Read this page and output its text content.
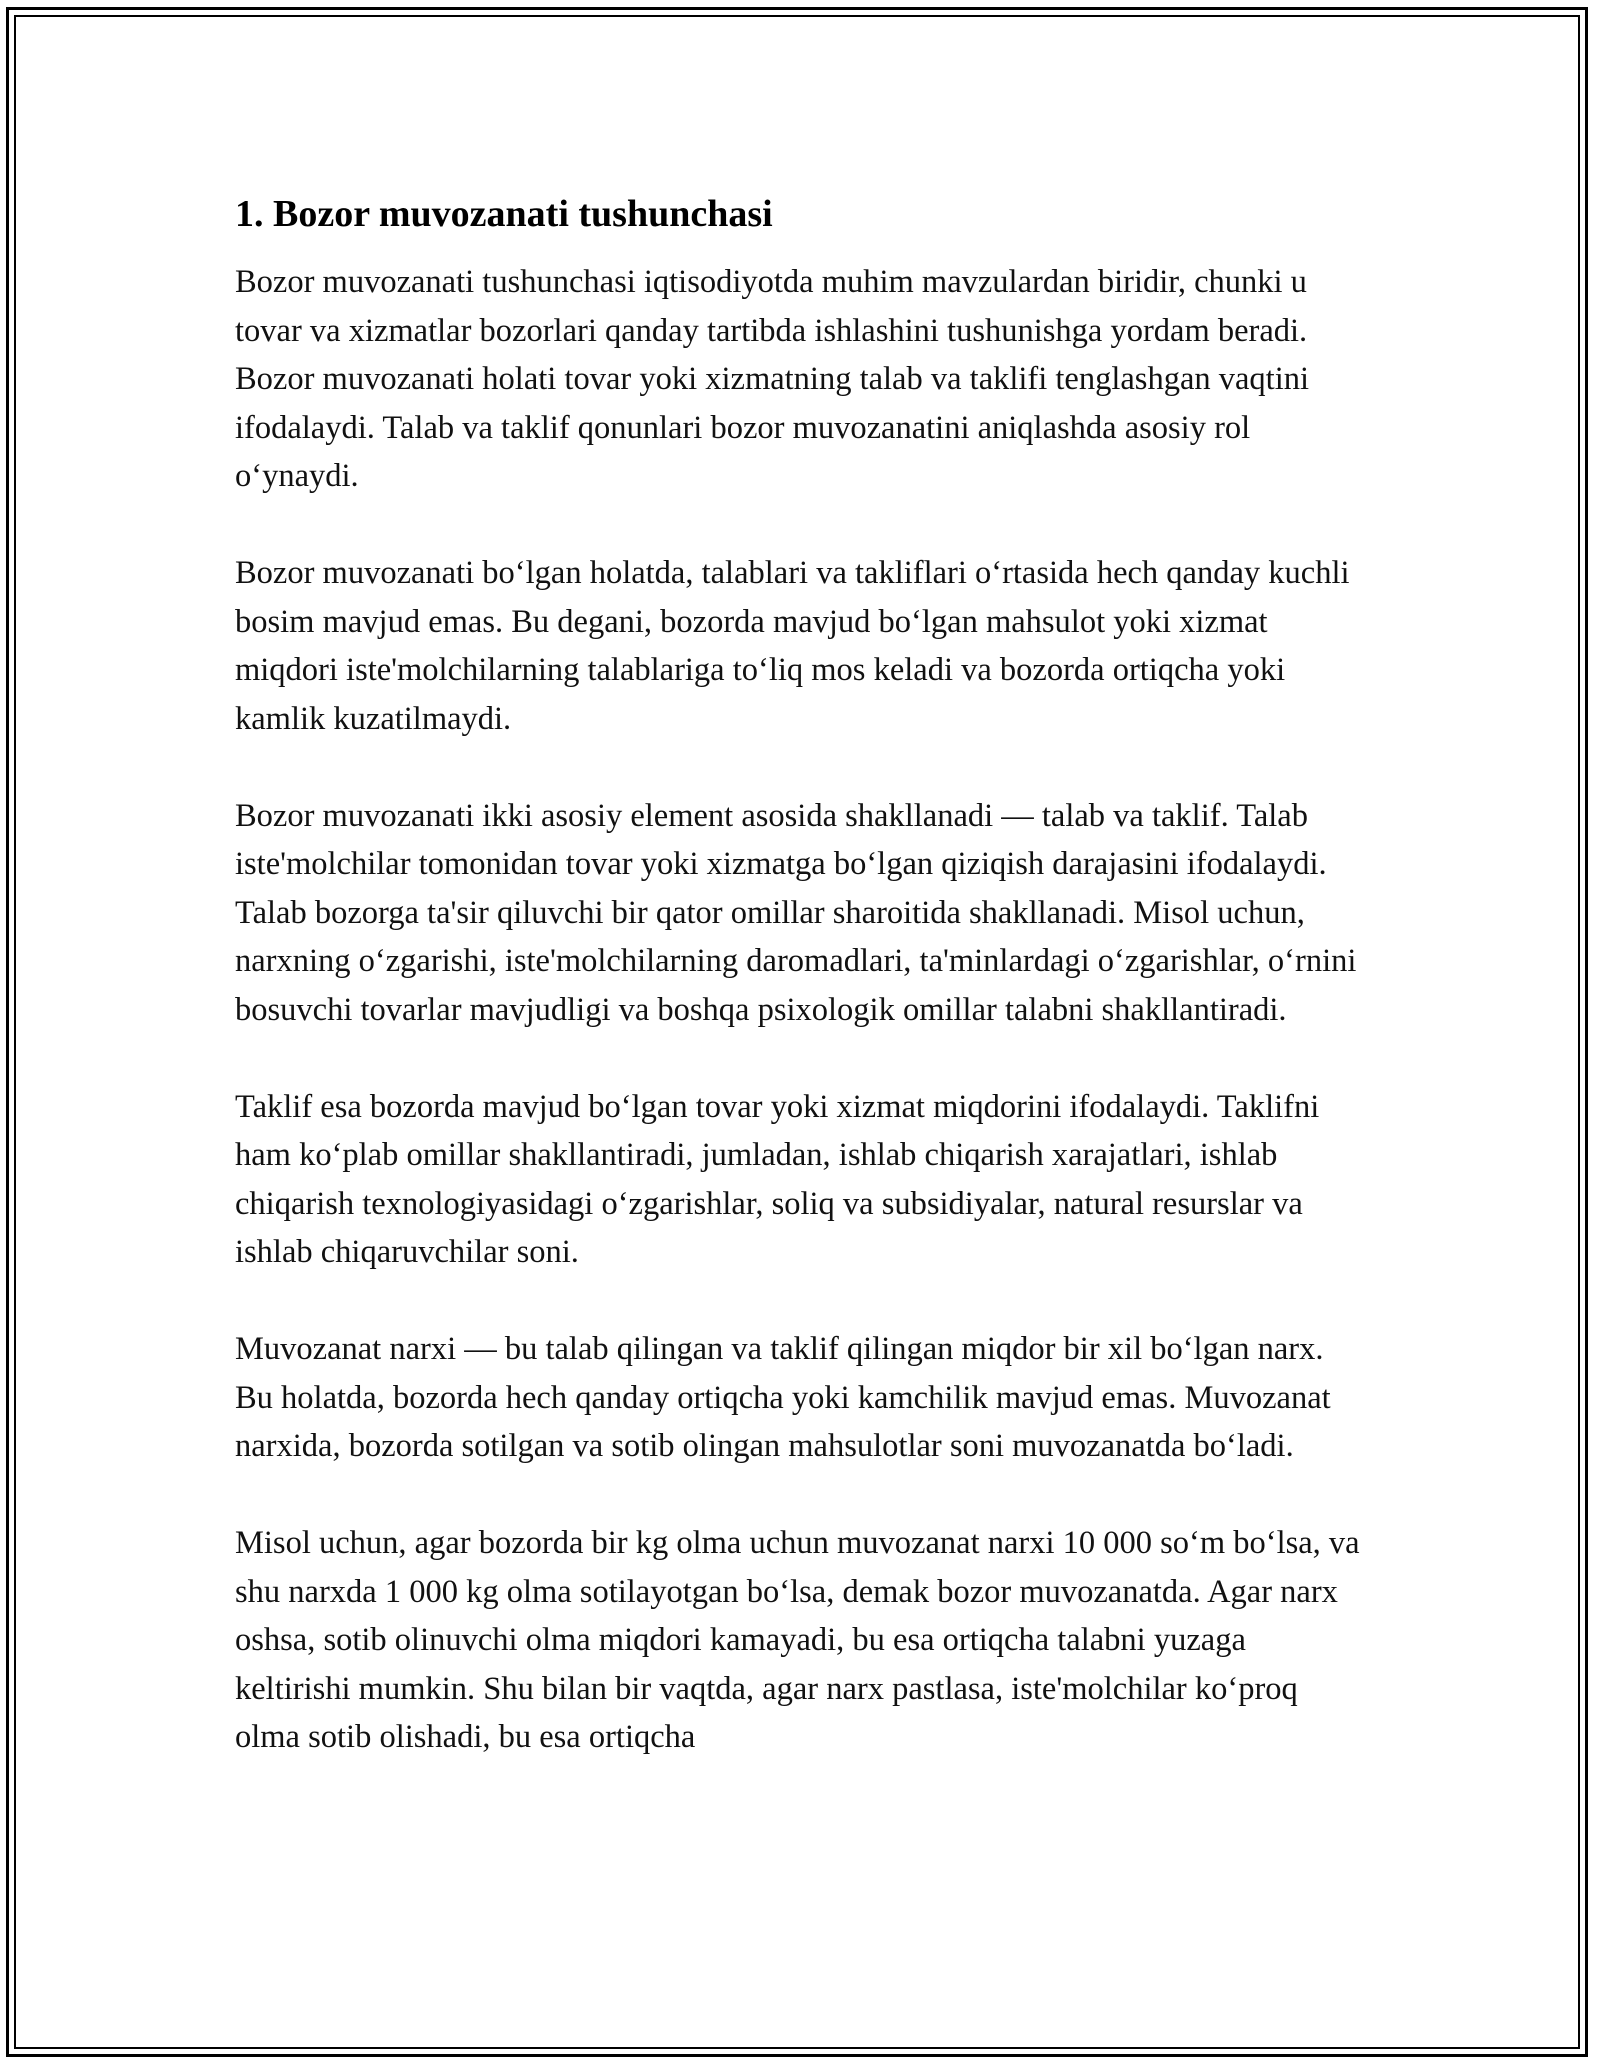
1. Bozor muvozanati tushunchasi

Bozor muvozanati tushunchasi iqtisodiyotda muhim mavzulardan biridir, chunki u tovar va xizmatlar bozorlari qanday tartibda ishlashini tushunishga yordam beradi. Bozor muvozanati holati tovar yoki xizmatning talab va taklifi tenglashgan vaqtini ifodalaydi. Talab va taklif qonunlari bozor muvozanatini aniqlashda asosiy rol oʻynaydi.

Bozor muvozanati boʻlgan holatda, talablari va takliflari oʻrtasida hech qanday kuchli bosim mavjud emas. Bu degani, bozorda mavjud boʻlgan mahsulot yoki xizmat miqdori iste'molchilarning talablariga toʻliq mos keladi va bozorda ortiqcha yoki kamlik kuzatilmaydi.

Bozor muvozanati ikki asosiy element asosida shakllanadi — talab va taklif. Talab iste'molchilar tomonidan tovar yoki xizmatga boʻlgan qiziqish darajasini ifodalaydi. Talab bozorga ta'sir qiluvchi bir qator omillar sharoitida shakllanadi. Misol uchun, narxning oʻzgarishi, iste'molchilarning daromadlari, ta'minlardagi oʻzgarishlar, oʻrnini bosuvchi tovarlar mavjudligi va boshqa psixologik omillar talabni shakllantiradi.

Taklif esa bozorda mavjud boʻlgan tovar yoki xizmat miqdorini ifodalaydi. Taklifni ham koʻplab omillar shakllantiradi, jumladan, ishlab chiqarish xarajatlari, ishlab chiqarish texnologiyasidagi oʻzgarishlar, soliq va subsidiyalar, natural resurslar va ishlab chiqaruvchilar soni.

Muvozanat narxi — bu talab qilingan va taklif qilingan miqdor bir xil boʻlgan narx. Bu holatda, bozorda hech qanday ortiqcha yoki kamchilik mavjud emas. Muvozanat narxida, bozorda sotilgan va sotib olingan mahsulotlar soni muvozanatda boʻladi.

Misol uchun, agar bozorda bir kg olma uchun muvozanat narxi 10 000 soʻm boʻlsa, va shu narxda 1 000 kg olma sotilayotgan boʻlsa, demak bozor muvozanatda. Agar narx oshsa, sotib olinuvchi olma miqdori kamayadi, bu esa ortiqcha talabni yuzaga keltirishi mumkin. Shu bilan bir vaqtda, agar narx pastlasa, iste'molchilar koʻproq olma sotib olishadi, bu esa ortiqcha
